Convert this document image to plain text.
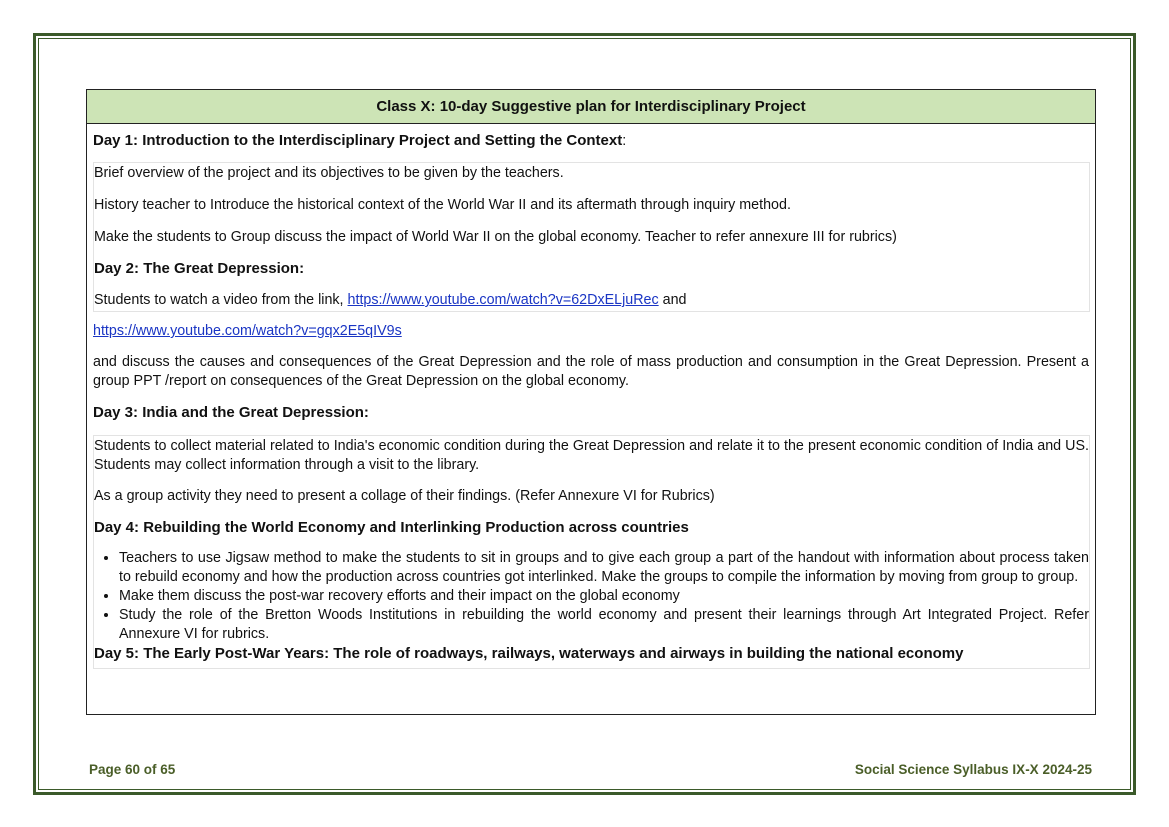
Class X: 10-day Suggestive plan for Interdisciplinary Project

Day 1: Introduction to the Interdisciplinary Project and Setting the Context:

Brief overview of the project and its objectives to be given by the teachers.

History teacher to Introduce the historical context of the World War II and its aftermath through inquiry method.

Make the students to Group discuss the impact of World War II on the global economy. Teacher to refer annexure III for rubrics)

Day 2: The Great Depression:

Students to watch a video from the link, https://www.youtube.com/watch?v=62DxELjuRec and

https://www.youtube.com/watch?v=gqx2E5qIV9s

and discuss the causes and consequences of the Great Depression and the role of mass production and consumption in the Great Depression. Present a group PPT /report on consequences of the Great Depression on the global economy.

Day 3: India and the Great Depression:

Students to collect material related to India's economic condition during the Great Depression and relate it to the present economic condition of India and US. Students may collect information through a visit to the library.

As a group activity they need to present a collage of their findings. (Refer Annexure VI for Rubrics)

Day 4: Rebuilding the World Economy and Interlinking Production across countries

• Teachers to use Jigsaw method to make the students to sit in groups and to give each group a part of the handout with information about process taken to rebuild economy and how the production across countries got interlinked. Make the groups to compile the information by moving from group to group.
• Make them discuss the post-war recovery efforts and their impact on the global economy
• Study the role of the Bretton Woods Institutions in rebuilding the world economy and present their learnings through Art Integrated Project. Refer Annexure VI for rubrics.

Day 5: The Early Post-War Years: The role of roadways, railways, waterways and airways in building the national economy

Page 60 of 65	Social Science Syllabus IX-X 2024-25
